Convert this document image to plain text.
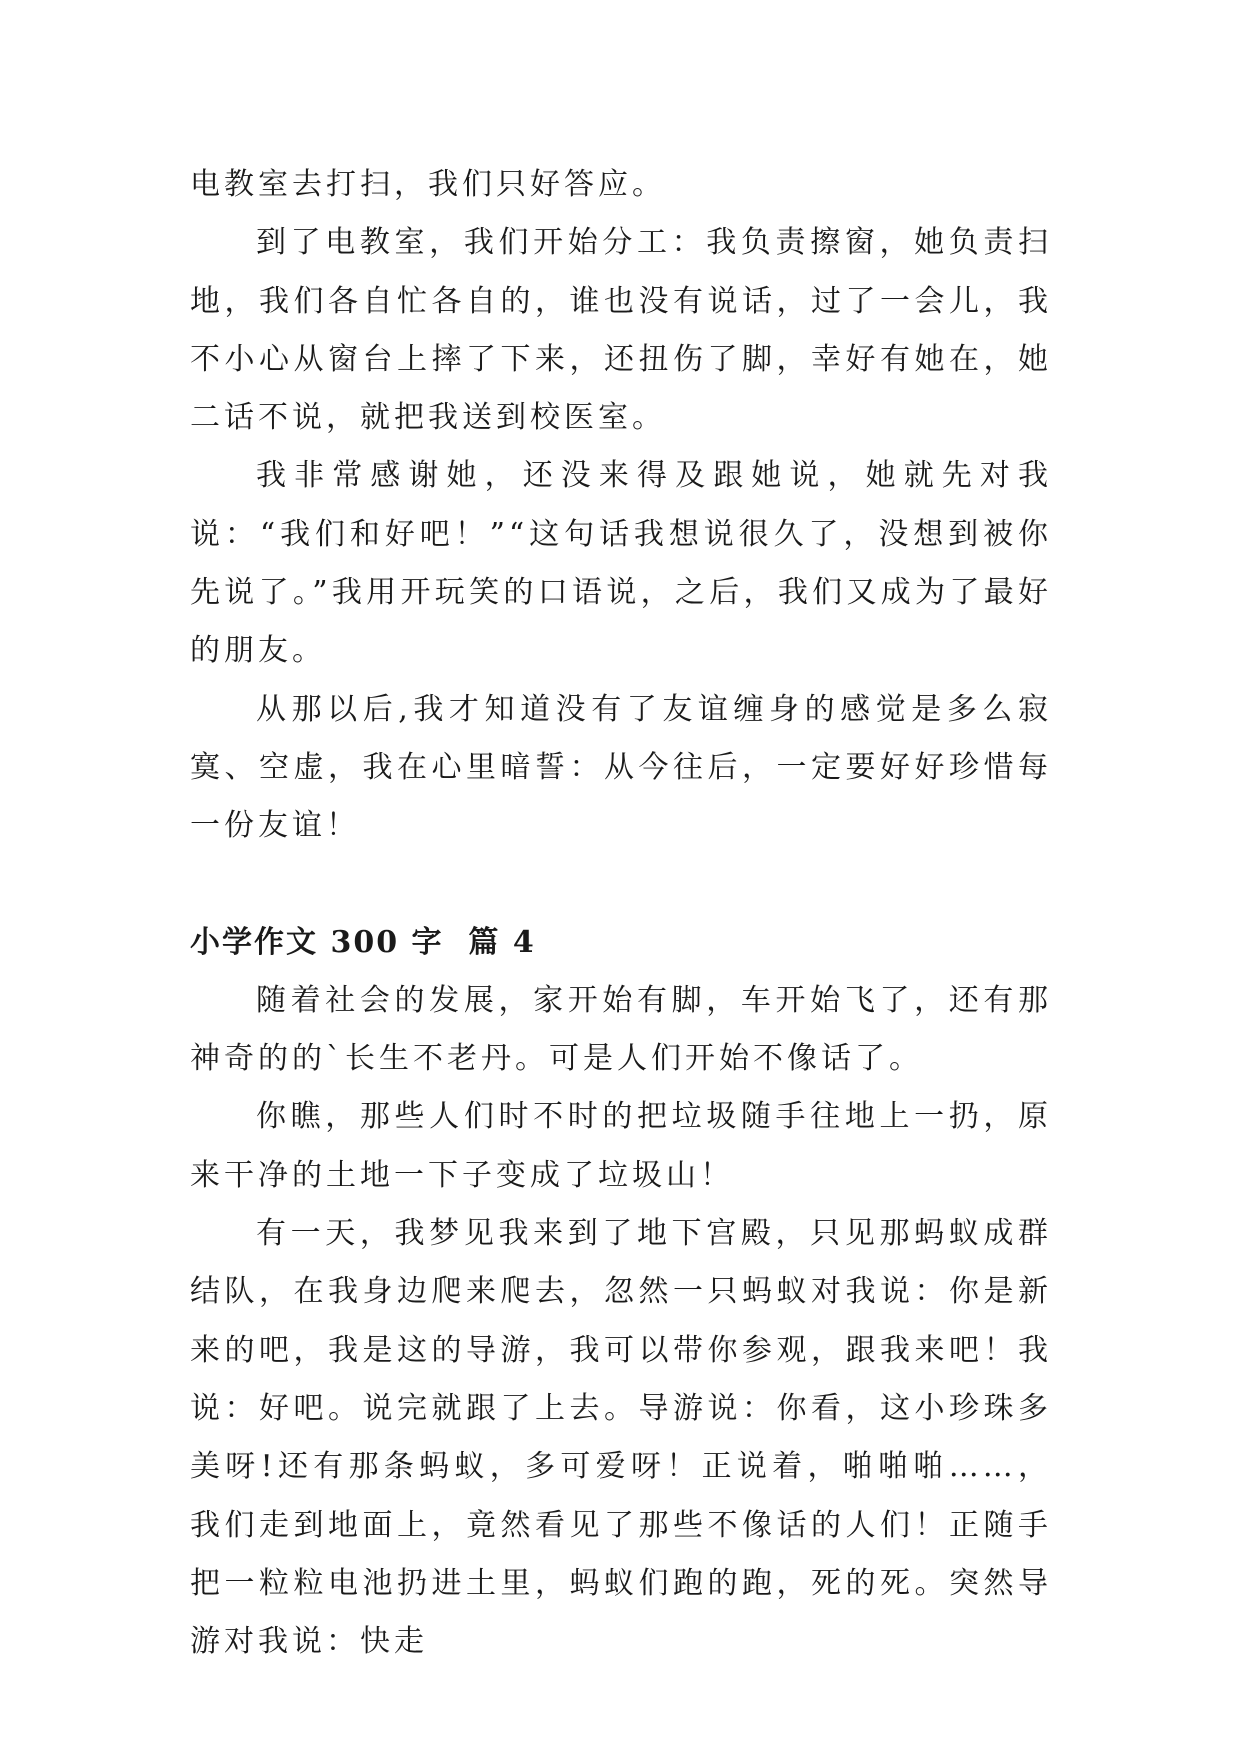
电教室去打扫，我们只好答应。

到了电教室，我们开始分工：我负责擦窗，她负责扫地，我们各自忙各自的，谁也没有说话，过了一会儿，我不小心从窗台上摔了下来，还扭伤了脚，幸好有她在，她二话不说，就把我送到校医室。

我非常感谢她，还没来得及跟她说，她就先对我说：“我们和好吧！”“这句话我想说很久了，没想到被你先说了。”我用开玩笑的口语说，之后，我们又成为了最好的朋友。

从那以后,我才知道没有了友谊缠身的感觉是多么寂寞、空虚，我在心里暗誓：从今往后，一定要好好珍惜每一份友谊！

小学作文 300 字  篇 4

随着社会的发展，家开始有脚，车开始飞了，还有那神奇的的`长生不老丹。可是人们开始不像话了。

你瞧，那些人们时不时的把垃圾随手往地上一扔，原来干净的土地一下子变成了垃圾山！

有一天，我梦见我来到了地下宫殿，只见那蚂蚁成群结队，在我身边爬来爬去，忽然一只蚂蚁对我说：你是新来的吧，我是这的导游，我可以带你参观，跟我来吧！我说：好吧。说完就跟了上去。导游说：你看，这小珍珠多美呀!还有那条蚂蚁，多可爱呀！正说着，啪啪啪……，我们走到地面上，竟然看见了那些不像话的人们！正随手把一粒粒电池扔进土里，蚂蚁们跑的跑，死的死。突然导游对我说：快走
